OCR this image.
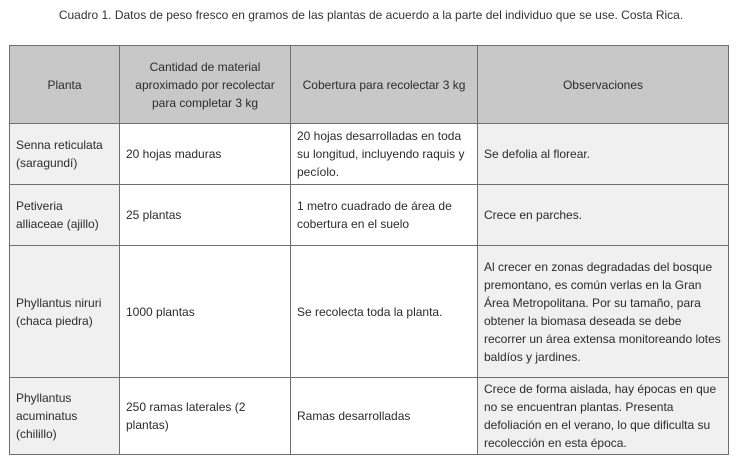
Cuadro 1. Datos de peso fresco en gramos de las plantas de acuerdo a la parte del individuo que se use. Costa Rica.
Planta	Cantidad de material aproximado por recolectar para completar 3 kg	Cobertura para recolectar 3 kg	Observaciones
Senna reticulata (saragundí)	20 hojas maduras	20 hojas desarrolladas en toda su longitud, incluyendo raquis y pecíolo.	Se defolia al florear.
Petiveria alliaceae (ajillo)	25 plantas	1 metro cuadrado de área de cobertura en el suelo	Crece en parches.
Phyllantus niruri (chaca piedra)	1000 plantas	Se recolecta toda la planta.	Al crecer en zonas degradadas del bosque premontano, es común verlas en la Gran Área Metropolitana. Por su tamaño, para obtener la biomasa deseada se debe recorrer un área extensa monitoreando lotes baldíos y jardines.
Phyllantus acuminatus (chilillo)	250 ramas laterales (2 plantas)	Ramas desarrolladas	Crece de forma aislada, hay épocas en que no se encuentran plantas. Presenta defoliación en el verano, lo que dificulta su recolección en esta época.
